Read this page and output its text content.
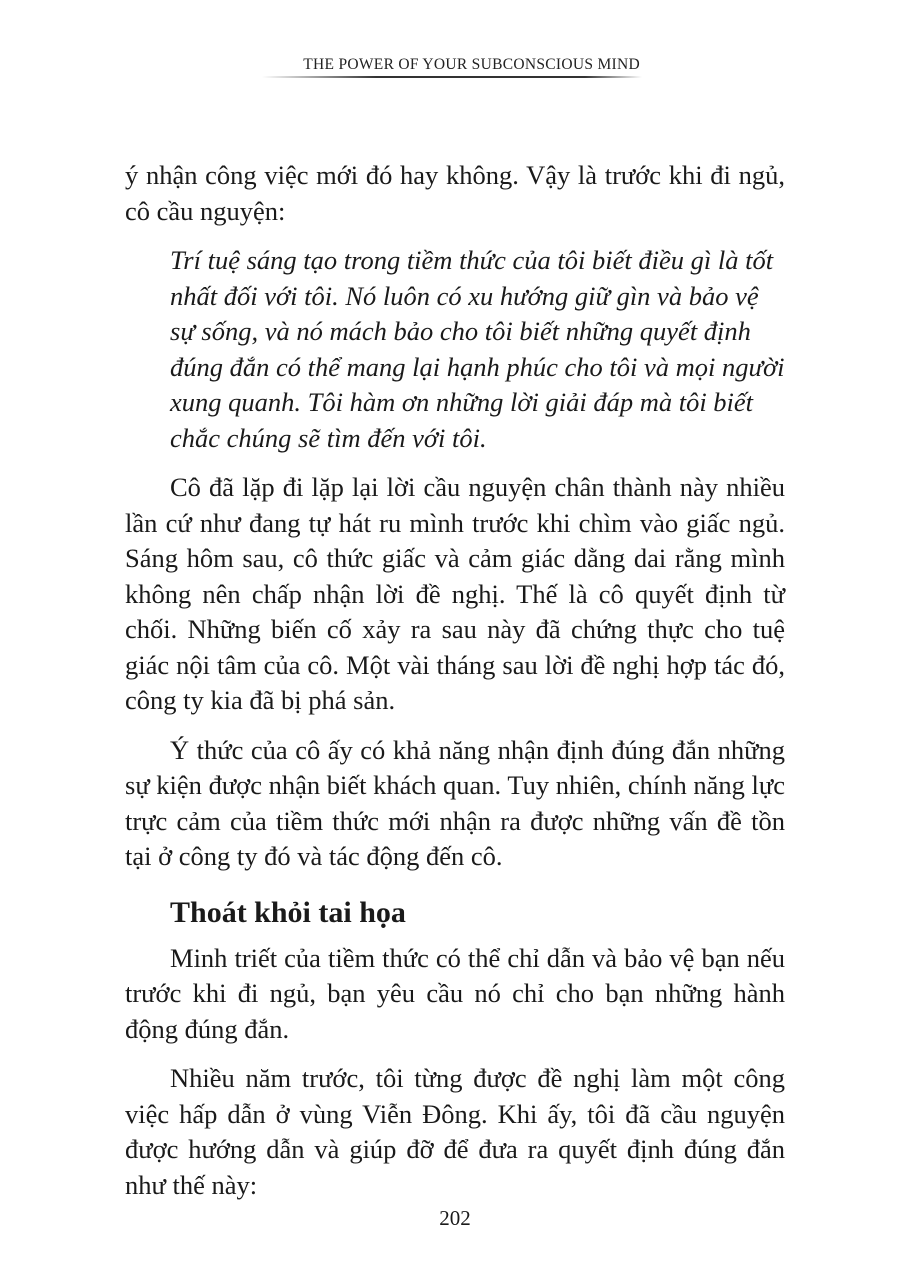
THE POWER OF YOUR SUBCONSCIOUS MIND

ý nhận công việc mới đó hay không. Vậy là trước khi đi ngủ, cô cầu nguyện:

Trí tuệ sáng tạo trong tiềm thức của tôi biết điều gì là tốt nhất đối với tôi. Nó luôn có xu hướng giữ gìn và bảo vệ sự sống, và nó mách bảo cho tôi biết những quyết định đúng đắn có thể mang lại hạnh phúc cho tôi và mọi người xung quanh. Tôi hàm ơn những lời giải đáp mà tôi biết chắc chúng sẽ tìm đến với tôi.

Cô đã lặp đi lặp lại lời cầu nguyện chân thành này nhiều lần cứ như đang tự hát ru mình trước khi chìm vào giấc ngủ. Sáng hôm sau, cô thức giấc và cảm giác dằng dai rằng mình không nên chấp nhận lời đề nghị. Thế là cô quyết định từ chối. Những biến cố xảy ra sau này đã chứng thực cho tuệ giác nội tâm của cô. Một vài tháng sau lời đề nghị hợp tác đó, công ty kia đã bị phá sản.

Ý thức của cô ấy có khả năng nhận định đúng đắn những sự kiện được nhận biết khách quan. Tuy nhiên, chính năng lực trực cảm của tiềm thức mới nhận ra được những vấn đề tồn tại ở công ty đó và tác động đến cô.

Thoát khỏi tai họa

Minh triết của tiềm thức có thể chỉ dẫn và bảo vệ bạn nếu trước khi đi ngủ, bạn yêu cầu nó chỉ cho bạn những hành động đúng đắn.

Nhiều năm trước, tôi từng được đề nghị làm một công việc hấp dẫn ở vùng Viễn Đông. Khi ấy, tôi đã cầu nguyện được hướng dẫn và giúp đỡ để đưa ra quyết định đúng đắn như thế này:

202
